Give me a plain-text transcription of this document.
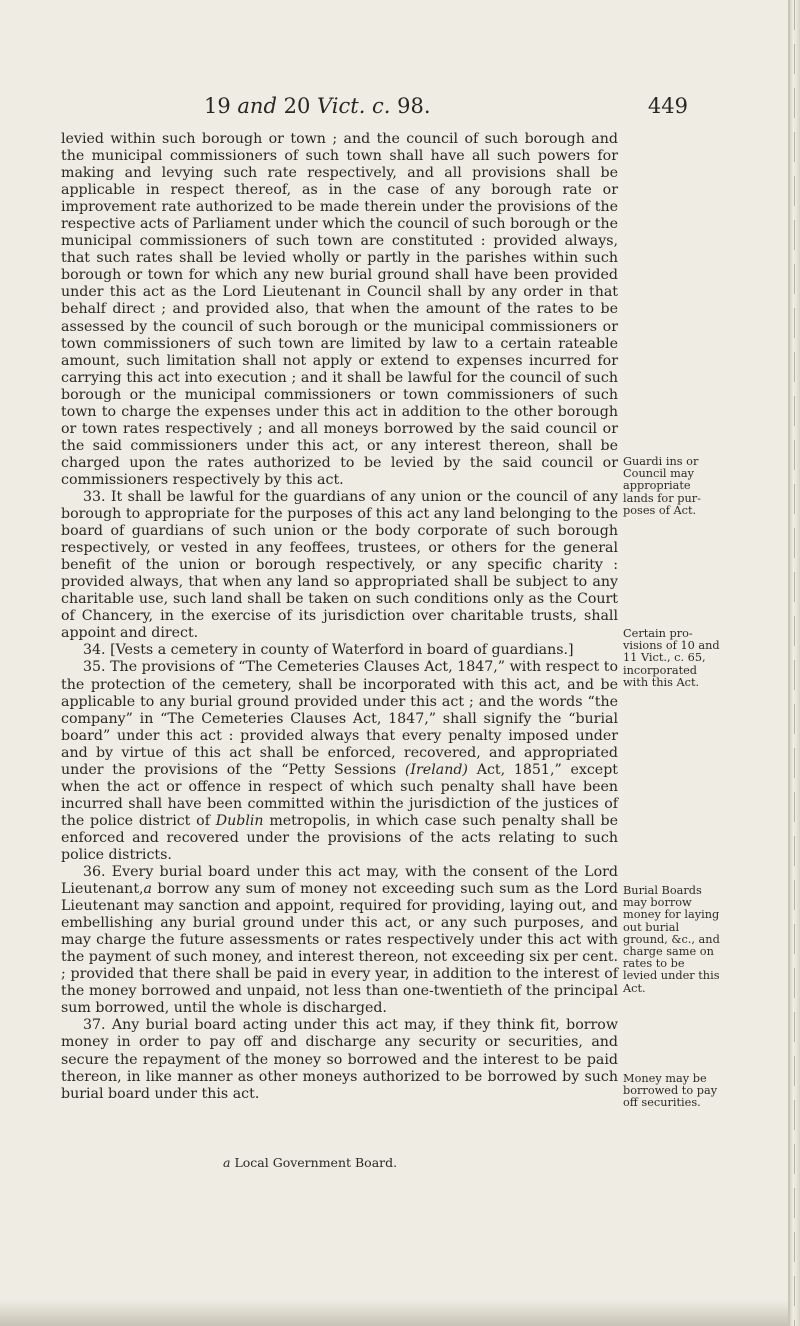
19 and 20 Vict. c. 98.	449

levied within such borough or town ; and the council of such borough and the municipal commissioners of such town shall have all such powers for making and levying such rate respectively, and all provisions shall be applicable in respect thereof, as in the case of any borough rate or improvement rate authorized to be made therein under the provisions of the respective acts of Parliament under which the council of such borough or the municipal commissioners of such town are constituted : provided always, that such rates shall be levied wholly or partly in the parishes within such borough or town for which any new burial ground shall have been provided under this act as the Lord Lieutenant in Council shall by any order in that behalf direct ; and provided also, that when the amount of the rates to be assessed by the council of such borough or the municipal commissioners or town commissioners of such town are limited by law to a certain rateable amount, such limitation shall not apply or extend to expenses incurred for carrying this act into execution ; and it shall be lawful for the council of such borough or the municipal commissioners or town commissioners of such town to charge the expenses under this act in addition to the other borough or town rates respectively ; and all moneys borrowed by the said council or the said commissioners under this act, or any interest thereon, shall be charged upon the rates authorized to be levied by the said council or commissioners respectively by this act.

33. It shall be lawful for the guardians of any union or the council of any borough to appropriate for the purposes of this act any land belonging to the board of guardians of such union or the body corporate of such borough respectively, or vested in any feoffees, trustees, or others for the general benefit of the union or borough respectively, or any specific charity : provided always, that when any land so appropriated shall be subject to any charitable use, such land shall be taken on such conditions only as the Court of Chancery, in the exercise of its jurisdiction over charitable trusts, shall appoint and direct.

34. [Vests a cemetery in county of Waterford in board of guardians.]

35. The provisions of “The Cemeteries Clauses Act, 1847,” with respect to the protection of the cemetery, shall be incorporated with this act, and be applicable to any burial ground provided under this act ; and the words “the company” in “The Cemeteries Clauses Act, 1847,” shall signify the “burial board” under this act : provided always that every penalty imposed under and by virtue of this act shall be enforced, recovered, and appropriated under the provisions of the “Petty Sessions (Ireland) Act, 1851,” except when the act or offence in respect of which such penalty shall have been incurred shall have been committed within the jurisdiction of the justices of the police district of Dublin metropolis, in which case such penalty shall be enforced and recovered under the provisions of the acts relating to such police districts.

36. Every burial board under this act may, with the consent of the Lord Lieutenant,a borrow any sum of money not exceeding such sum as the Lord Lieutenant may sanction and appoint, required for providing, laying out, and embellishing any burial ground under this act, or any such purposes, and may charge the future assessments or rates respectively under this act with the payment of such money, and interest thereon, not exceeding six per cent. ; provided that there shall be paid in every year, in addition to the interest of the money borrowed and unpaid, not less than one-twentieth of the principal sum borrowed, until the whole is discharged.

37. Any burial board acting under this act may, if they think fit, borrow money in order to pay off and discharge any security or securities, and secure the repayment of the money so borrowed and the interest to be paid thereon, in like manner as other moneys authorized to be borrowed by such burial board under this act.

Guardi ins or Council may appropriate lands for pur-poses of Act.
Certain pro-visions of 10 and 11 Vict., c. 65, incorporated with this Act.
Burial Boards may borrow money for laying out burial ground, &c., and charge same on rates to be levied under this Act.
Money may be borrowed to pay off securities.
a Local Government Board.
